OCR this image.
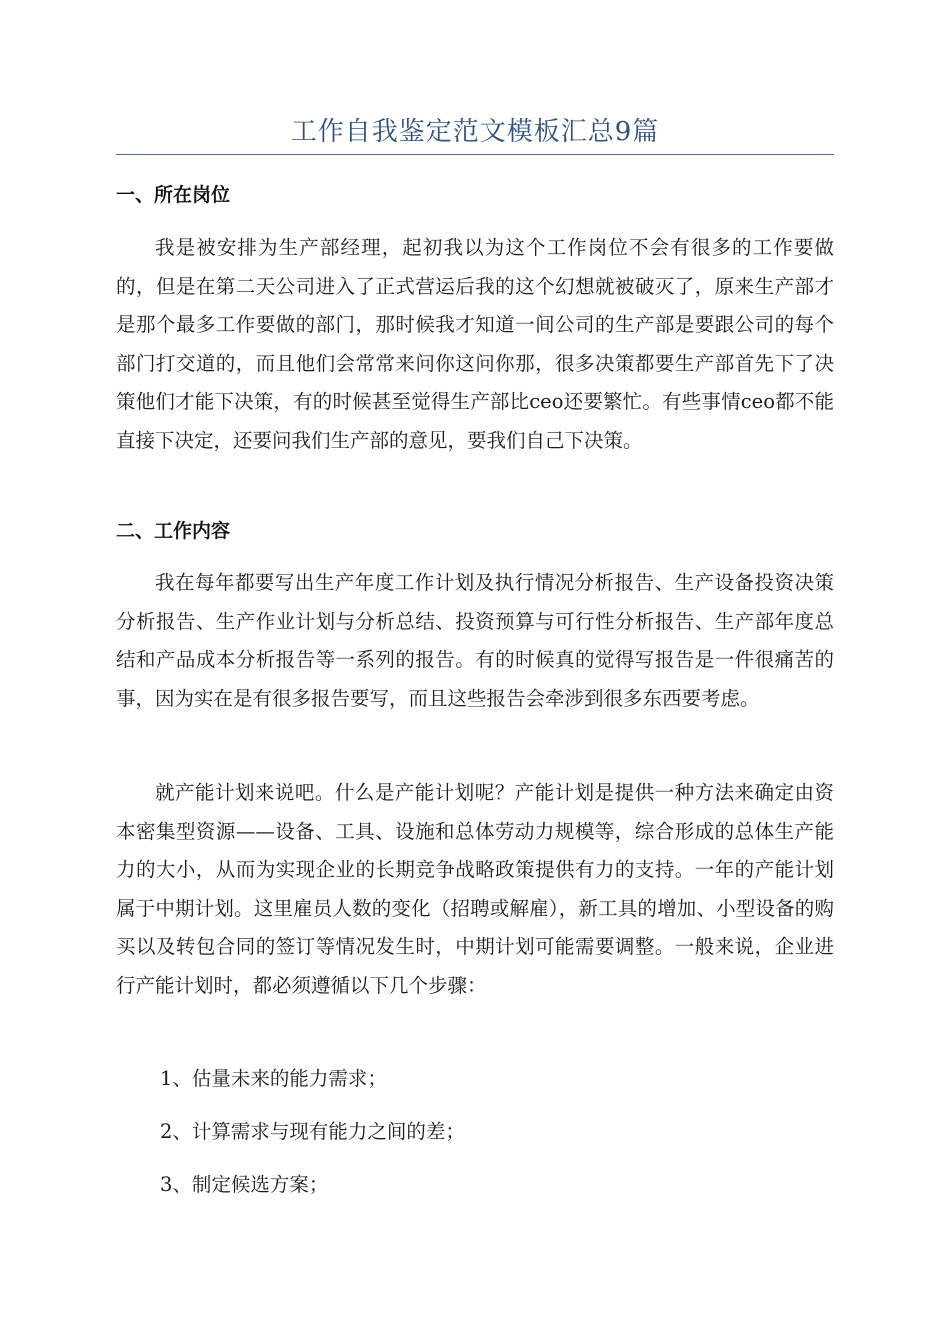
工作自我鉴定范文模板汇总9篇
一、所在岗位
我是被安排为生产部经理，起初我以为这个工作岗位不会有很多的工作要做的，但是在第二天公司进入了正式营运后我的这个幻想就被破灭了，原来生产部才是那个最多工作要做的部门，那时候我才知道一间公司的生产部是要跟公司的每个部门打交道的，而且他们会常常来问你这问你那，很多决策都要生产部首先下了决策他们才能下决策，有的时候甚至觉得生产部比ceo还要繁忙。有些事情ceo都不能直接下决定，还要问我们生产部的意见，要我们自己下决策。
二、工作内容
我在每年都要写出生产年度工作计划及执行情况分析报告、生产设备投资决策分析报告、生产作业计划与分析总结、投资预算与可行性分析报告、生产部年度总结和产品成本分析报告等一系列的报告。有的时候真的觉得写报告是一件很痛苦的事，因为实在是有很多报告要写，而且这些报告会牵涉到很多东西要考虑。
就产能计划来说吧。什么是产能计划呢？产能计划是提供一种方法来确定由资本密集型资源——设备、工具、设施和总体劳动力规模等，综合形成的总体生产能力的大小，从而为实现企业的长期竞争战略政策提供有力的支持。一年的产能计划属于中期计划。这里雇员人数的变化（招聘或解雇），新工具的增加、小型设备的购买以及转包合同的签订等情况发生时，中期计划可能需要调整。一般来说，企业进行产能计划时，都必须遵循以下几个步骤：
1、估量未来的能力需求；
2、计算需求与现有能力之间的差；
3、制定候选方案；
